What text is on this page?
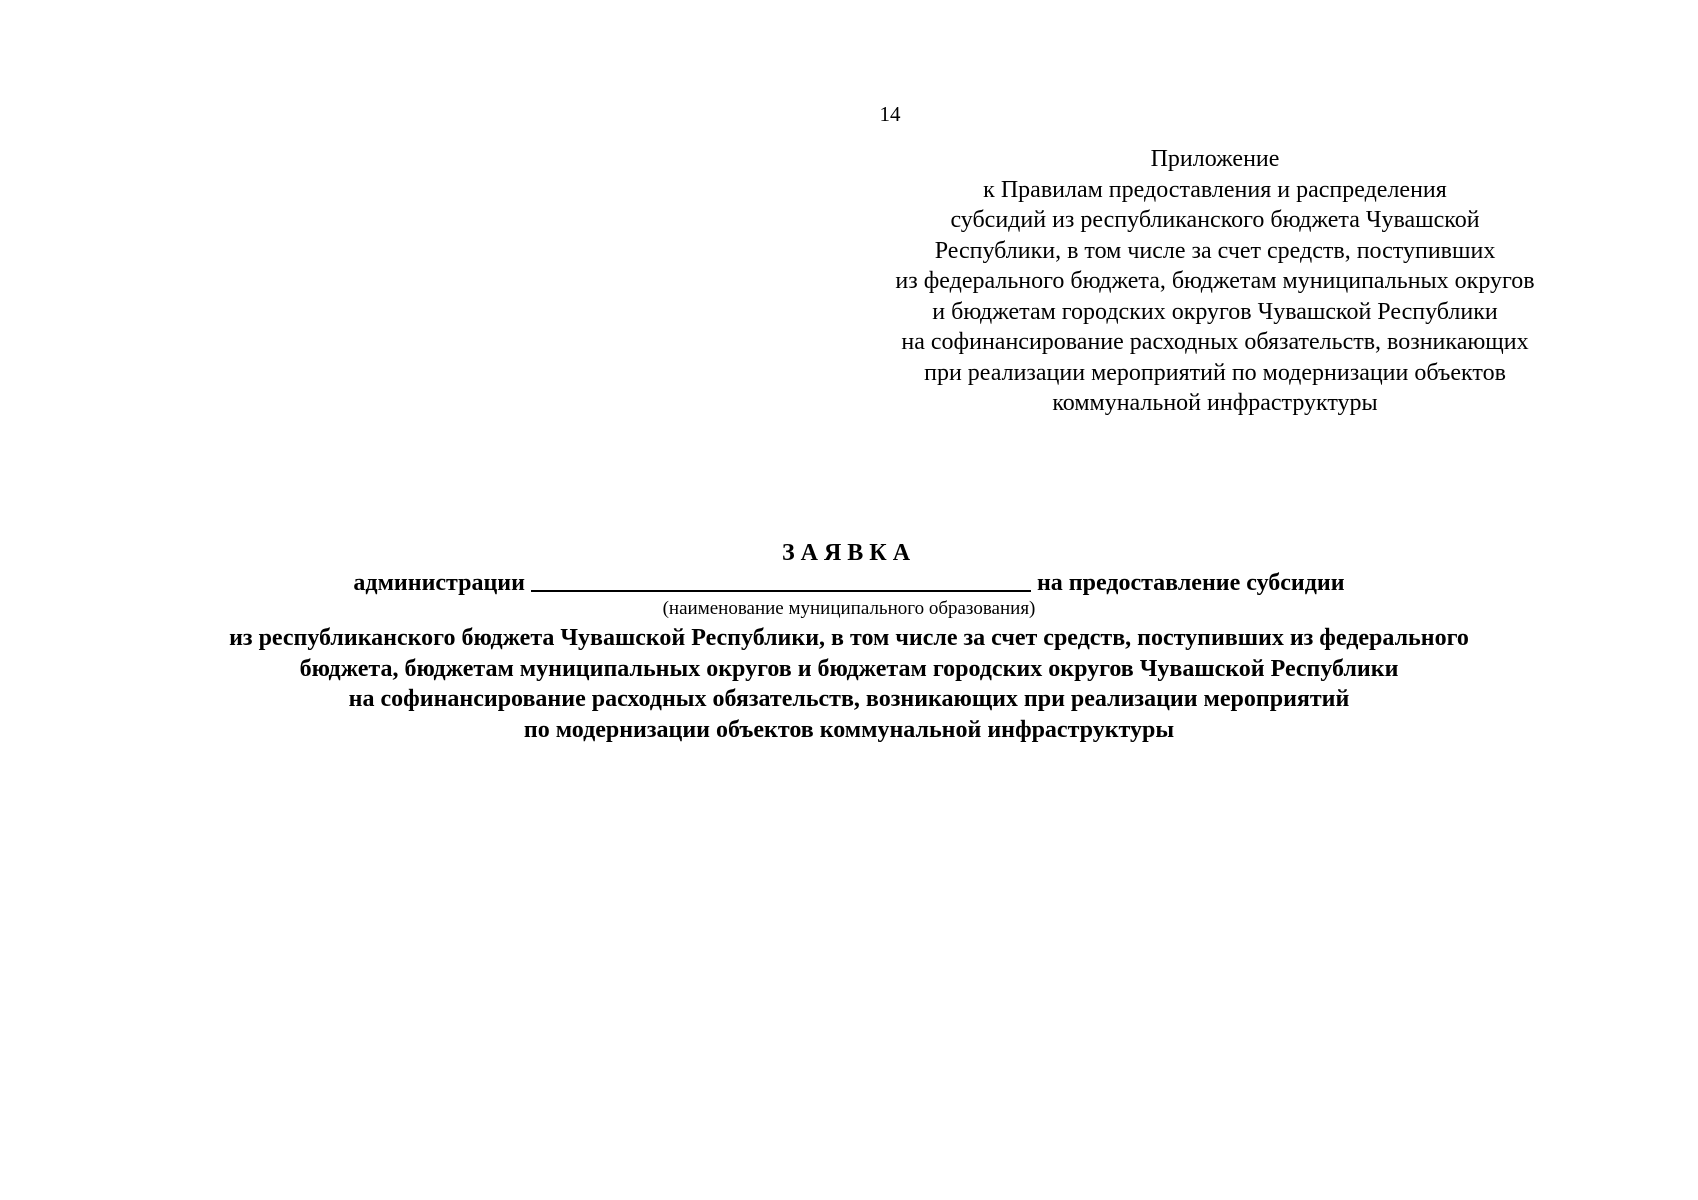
14
Приложение
к Правилам предоставления и распределения
субсидий из республиканского бюджета Чувашской
Республики, в том числе за счет средств, поступивших
из федерального бюджета, бюджетам муниципальных округов
и бюджетам городских округов Чувашской Республики
на софинансирование расходных обязательств, возникающих
при реализации мероприятий по модернизации объектов
коммунальной инфраструктуры
ЗАЯВКА
администрации	на предоставление субсидии
(наименование муниципального образования)
из республиканского бюджета Чувашской Республики, в том числе за счет средств, поступивших из федерального
бюджета, бюджетам муниципальных округов и бюджетам городских округов Чувашской Республики
на софинансирование расходных обязательств, возникающих при реализации мероприятий
по модернизации объектов коммунальной инфраструктуры
